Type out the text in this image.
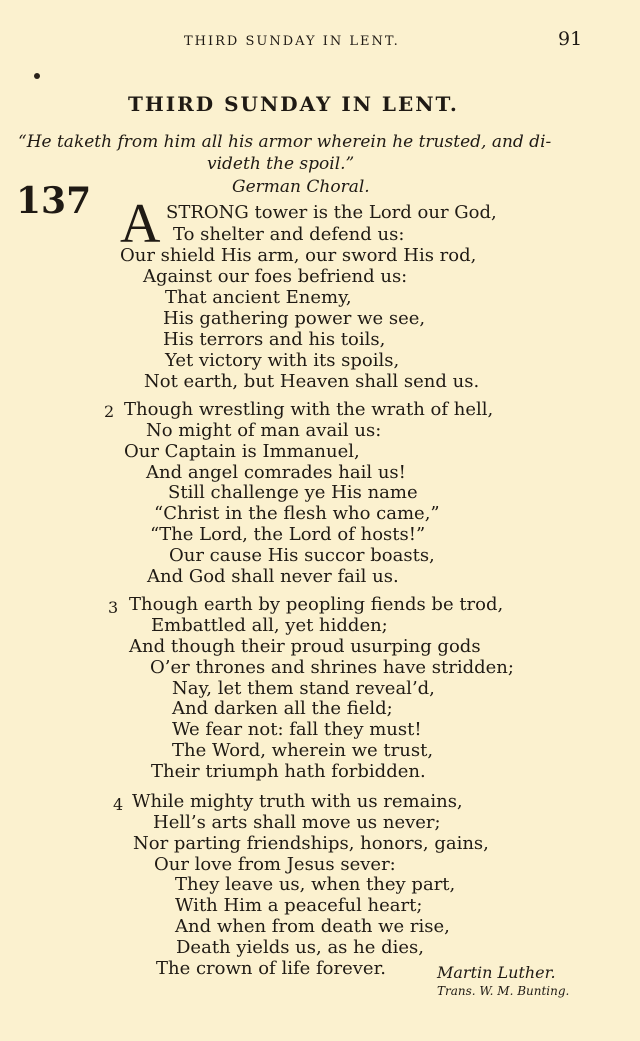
THIRD SUNDAY IN LENT.	91
THIRD SUNDAY IN LENT.
“He taketh from him all his armor wherein he trusted, and di-
videth the spoil.”
137	German Choral.
A STRONG tower is the Lord our God,
To shelter and defend us:
Our shield His arm, our sword His rod,
Against our foes befriend us:
That ancient Enemy,
His gathering power we see,
His terrors and his toils,
Yet victory with its spoils,
Not earth, but Heaven shall send us.
2 Though wrestling with the wrath of hell,
No might of man avail us:
Our Captain is Immanuel,
And angel comrades hail us!
Still challenge ye His name
“Christ in the flesh who came,”
“The Lord, the Lord of hosts!”
Our cause His succor boasts,
And God shall never fail us.
3 Though earth by peopling fiends be trod,
Embattled all, yet hidden;
And though their proud usurping gods
O’er thrones and shrines have stridden;
Nay, let them stand reveal’d,
And darken all the field;
We fear not: fall they must!
The Word, wherein we trust,
Their triumph hath forbidden.
4 While mighty truth with us remains,
Hell’s arts shall move us never;
Nor parting friendships, honors, gains,
Our love from Jesus sever:
They leave us, when they part,
With Him a peaceful heart;
And when from death we rise,
Death yields us, as he dies,
The crown of life forever.	Martin Luther.
Trans. W. M. Bunting.
